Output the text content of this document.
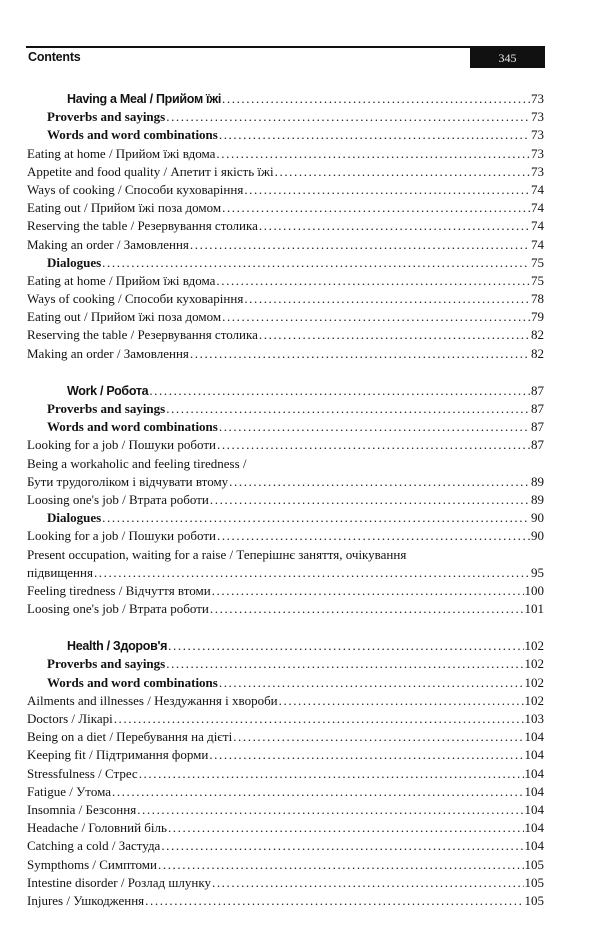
Contents	345
Having a Meal / Прийом їжі .....	73
Proverbs and sayings .....	73
Words and word combinations .....	73
Eating at home / Прийом їжі вдома .....	73
Appetite and food quality / Апетит і якість їжі .....	73
Ways of cooking / Способи куховаріння .....	74
Eating out / Прийом їжі поза домом .....	74
Reserving the table / Резервування столика .....	74
Making an order / Замовлення .....	74
Dialogues .....	75
Eating at home / Прийом їжі вдома .....	75
Ways of cooking / Способи куховаріння .....	78
Eating out / Прийом їжі поза домом .....	79
Reserving the table / Резервування столика .....	82
Making an order / Замовлення .....	82
Work / Робота .....	87
Proverbs and sayings .....	87
Words and word combinations .....	87
Looking for a job / Пошуки роботи .....	87
Being a workaholic and feeling tiredness /
Бути трудоголіком і відчувати втому .....	89
Loosing one's job / Втрата роботи .....	89
Dialogues .....	90
Looking for a job / Пошуки роботи .....	90
Present occupation, waiting for a raise / Теперішнє заняття, очікування
підвищення .....	95
Feeling tiredness / Відчуття втоми .....	100
Loosing one's job / Втрата роботи .....	101
Health / Здоров'я .....	102
Proverbs and sayings .....	102
Words and word combinations .....	102
Ailments and illnesses / Нездужання і хвороби .....	102
Doctors / Лікарі .....	103
Being on a diet / Перебування на дієті .....	104
Keeping fit / Підтримання форми .....	104
Stressfulness / Стрес .....	104
Fatigue / Утома .....	104
Insomnia / Безсоння .....	104
Headache / Головний біль .....	104
Catching a cold / Застуда .....	104
Sympthoms / Симптоми .....	105
Intestine disorder / Розлад шлунку .....	105
Injures / Ушкодження .....	105
